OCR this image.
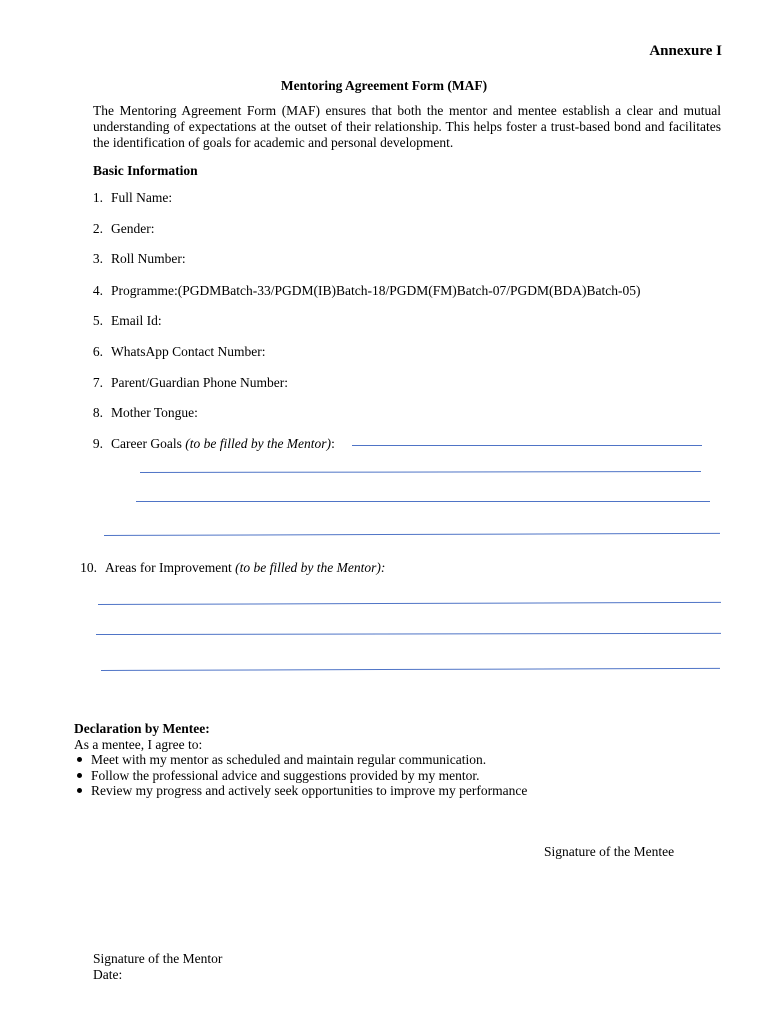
Annexure I
Mentoring Agreement Form (MAF)
The Mentoring Agreement Form (MAF) ensures that both the mentor and mentee establish a clear and mutual understanding of expectations at the outset of their relationship. This helps foster a trust-based bond and facilitates the identification of goals for academic and personal development.
Basic Information
1. Full Name:
2. Gender:
3. Roll Number:
4. Programme:(PGDMBatch-33/PGDM(IB)Batch-18/PGDM(FM)Batch-07/PGDM(BDA)Batch-05)
5. Email Id:
6. WhatsApp Contact Number:
7. Parent/Guardian Phone Number:
8. Mother Tongue:
9. Career Goals (to be filled by the Mentor):
10. Areas for Improvement (to be filled by the Mentor):
Declaration by Mentee:
As a mentee, I agree to:
Meet with my mentor as scheduled and maintain regular communication.
Follow the professional advice and suggestions provided by my mentor.
Review my progress and actively seek opportunities to improve my performance
Signature of the Mentee
Signature of the Mentor
Date:
